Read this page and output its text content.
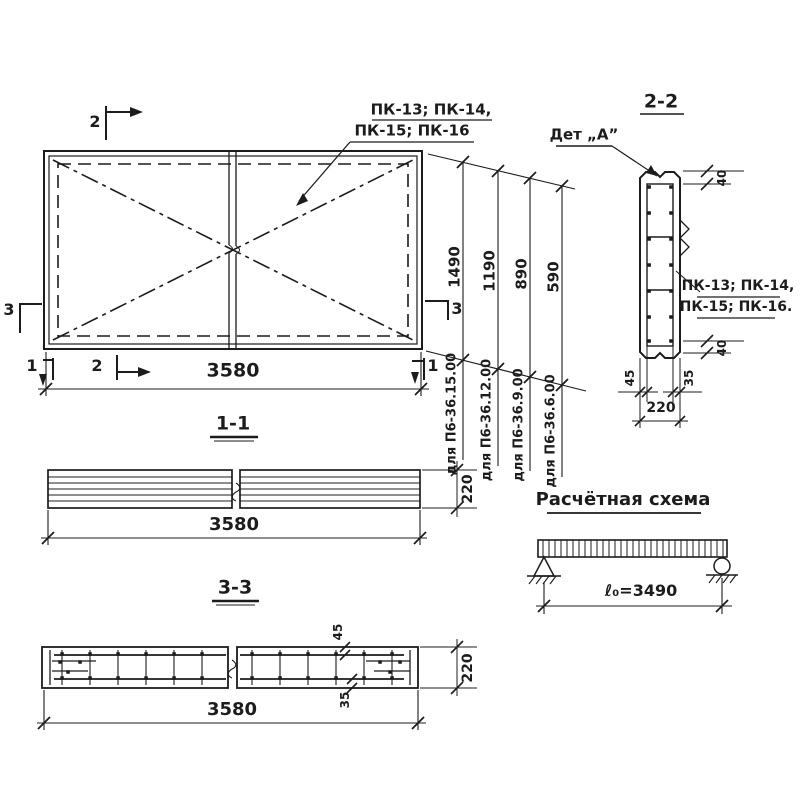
2
2
3	3
1	1
ПК-13; ПК-14,
ПК-15; ПК-16
3580
1490 1190 890 590
для П6-36.15.00 для П6-36.12.00 для П6-36.9.00 для П6-36.6.00
2-2
Дет „А”
ПК-13; ПК-14,
ПК-15; ПК-16.
40
40
45	35
220
1-1
3580
220	Расчётная схема
ℓ₀=3490
3-3
45
35
220
3580
